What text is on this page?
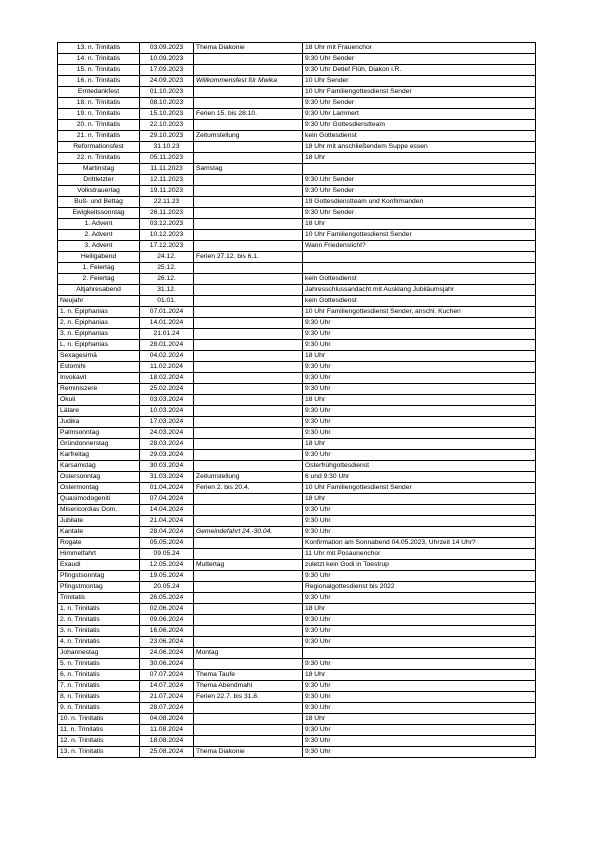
13. n. Trinitatis	03.09.2023	Thema Diakonie	18 Uhr mit Frauenchor
14. n. Trinitatis	10.09.2023		9:30 Uhr Sender
15. n. Trinitatis	17.09.2023		9:30 Uhr Detlef Flüh, Diakon i.R.
16. n. Trinitatis	24.09.2023	Willkommensfest für Mwika	10 Uhr Sender
Erntedankfest	01.10.2023		10 Uhr Familiengottesdienst Sender
18. n. Trinitatis	08.10.2023		9:30 Uhr Sender
19. n. Trinitatis	15.10.2023	Ferien 15. bis 28.10.	9:30 Uhr Lammert
20. n. Trinitatis	22.10.2023		9:30 Uhr Gottesdienstteam
21. n. Trinitatis	29.10.2023	Zeitumstellung	kein Gottesdienst
Reformationsfest	31.10.23		18 Uhr mit anschließendem Suppe essen
22. n. Trinitatis	05.11.2023		18 Uhr
Martinstag	11.11.2023	Samstag	
Drittletzter	12.11.2023		9:30 Uhr Sender
Volkstrauertag	19.11.2023		9:30 Uhr Sender
Buß- und Bettag	22.11.23		19 Gottesdienstteam und Konfirmanden
Ewigkeitssonntag	26.11.2023		9:30 Uhr Sender
1. Advent	03.12.2023		18 Uhr
2. Advent	10.12.2023		10 Uhr Familiengottesdienst Sender
3. Advent	17.12.2023		Wann Friedenslicht?
Heiligabend	24.12.	Ferien 27.12. bis 6.1.	
1. Feiertag	25.12.		
2. Feiertag	26.12.		kein Gottesdienst
Altjahresabend	31.12.		Jahresschlussandacht mit Ausklang Jubiläumsjahr
Neujahr	01.01.		kein Gottesdienst
1. n. Epiphanias	07.01.2024		10 Uhr Familiengottesdienst Sender, anschl. Kuchen
2. n. Epiphanias	14.01.2024		9:30 Uhr
3. n. Epiphanias	21.01.24		9:30 Uhr
L. n. Epiphanias	28.01.2024		9:30 Uhr
Sexagesimä	04.02.2024		18 Uhr
Estomihi	11.02.2024		9:30 Uhr
Invokavit	18.02.2024		9:30 Uhr
Reminiszere	25.02.2024		9:30 Uhr
Okuli	03.03.2024		18 Uhr
Lätare	10.03.2024		9:30 Uhr
Judika	17.03.2024		9:30 Uhr
Palmsonntag	24.03.2024		9:30 Uhr
Gründonnerstag	28.03.2024		18 Uhr
Karfreitag	29.03.2024		9:30 Uhr
Karsamstag	30.03.2024		Osterfrühgottesdienst
Ostersonntag	31.03.2024	Zeitumstellung	6 und 9:30 Uhr
Ostermontag	01.04.2024	Ferien 2. bis 20.4.	10 Uhr Familiengottesdienst Sender
Quasimodogeniti	07.04.2024		18 Uhr
Misericordias Dom.	14.04.2024		9:30 Uhr
Jubilate	21.04.2024		9:30 Uhr
Kantate	28.04.2024	Gemeindefahrt 24.-30.04.	9:30 Uhr
Rogate	05.05.2024		Konfirmation am Sonnabend 04.05.2023, Uhrzeit 14 Uhr?
Himmelfahrt	09.05.24		11 Uhr mit Posaunenchor
Exaudi	12.05.2024	Muttertag	zuletzt kein Godi in Toestrup
Pfingstsonntag	19.05.2024		9:30 Uhr
Pfingstmontag	20.05.24		Regionalgottesdienst bis 2022
Trinitatis	26.05.2024		9:30 Uhr
1. n. Trinitatis	02.06.2024		18 Uhr
2. n. Trinitatis	09.06.2024		9:30 Uhr
3. n. Trinitatis	16.06.2024		9:30 Uhr
4. n. Trinitatis	23.06.2024		9:30 Uhr
Johannestag	24.06.2024	Montag	
5. n. Trinitatis	30.06.2024		9:30 Uhr
6. n. Trinitatis	07.07.2024	Thema Taufe	18 Uhr
7. n. Trinitatis	14.07.2024	Thema Abendmahl	9:30 Uhr
8. n. Trinitatis	21.07.2024	Ferien 22.7. bis 31.8.	9:30 Uhr
9. n. Trinitatis	28.07.2024		9:30 Uhr
10. n. Trinitatis	04.08.2024		18 Uhr
11. n. Trinitatis	11.08.2024		9:30 Uhr
12. n. Trinitatis	18.08.2024		9:30 Uhr
13. n. Trinitatis	25.08.2024	Thema Diakonie	9:30 Uhr
